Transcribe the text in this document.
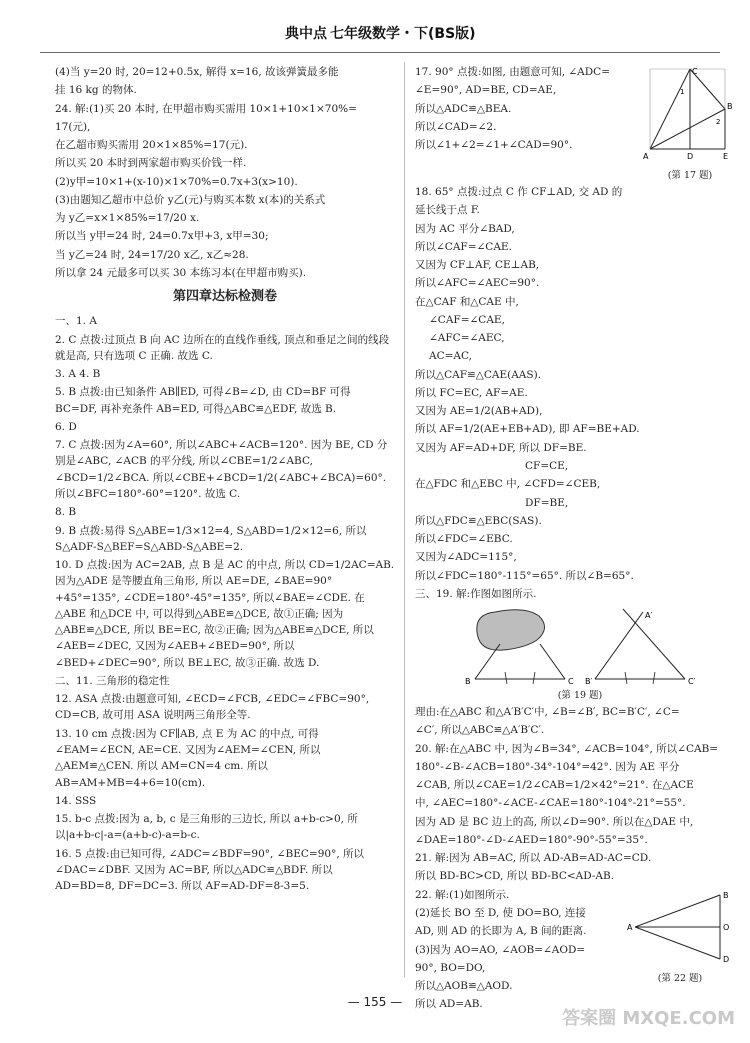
典中点 七年级数学・下(BS版)

(4)当 y=20 时, 20=12+0.5x, 解得 x=16, 故该弹簧最多能

挂 16 kg 的物体.

24. 解:(1)买 20 本时, 在甲超市购买需用 10×1+10×1×70%=

17(元),

在乙超市购买需用 20×1×85%=17(元).

所以买 20 本时到两家超市购买价钱一样.

(2)y甲=10×1+(x-10)×1×70%=0.7x+3(x>10).

(3)由题知乙超市中总价 y乙(元)与购买本数 x(本)的关系式

为 y乙=x×1×85%=17/20 x.

所以当 y甲=24 时, 24=0.7x甲+3, x甲=30;

当 y乙=24 时, 24=17/20 x乙, x乙≈28.

所以拿 24 元最多可以买 30 本练习本(在甲超市购买).

第四章达标检测卷

一、1. A

2. C 点拨:过顶点 B 向 AC 边所在的直线作垂线, 顶点和垂足之间的线段就是高, 只有选项 C 正确. 故选 C.

3. A 4. B

5. B 点拨:由已知条件 AB∥ED, 可得∠B=∠D, 由 CD=BF 可得 BC=DF, 再补充条件 AB=ED, 可得△ABC≌△EDF, 故选 B.

6. D

7. C 点拨:因为∠A=60°, 所以∠ABC+∠ACB=120°. 因为 BE, CD 分别是∠ABC, ∠ACB 的平分线, 所以∠CBE=1/2∠ABC, ∠BCD=1/2∠BCA. 所以∠CBE+∠BCD=1/2(∠ABC+∠BCA)=60°. 所以∠BFC=180°-60°=120°. 故选 C.

8. B

9. B 点拨:易得 S△ABE=1/3×12=4, S△ABD=1/2×12=6, 所以 S△ADF-S△BEF=S△ABD-S△ABE=2.

10. D 点拨:因为 AC=2AB, 点 B 是 AC 的中点, 所以 CD=1/2AC=AB. 因为△ADE 是等腰直角三角形, 所以 AE=DE, ∠BAE=90°+45°=135°, ∠CDE=180°-45°=135°, 所以∠BAE=∠CDE. 在△ABE 和△DCE 中, 可以得到△ABE≌△DCE, 故①正确; 因为△ABE≌△DCE, 所以 BE=EC, 故②正确; 因为△ABE≌△DCE, 所以∠AEB=∠DEC, 又因为∠AEB+∠BED=90°, 所以∠BED+∠DEC=90°, 所以 BE⊥EC, 故③正确. 故选 D.

二、11. 三角形的稳定性

12. ASA 点拨:由题意可知, ∠ECD=∠FCB, ∠EDC=∠FBC=90°, CD=CB, 故可用 ASA 说明两三角形全等.

13. 10 cm 点拨:因为 CF∥AB, 点 E 为 AC 的中点, 可得∠EAM=∠ECN, AE=CE. 又因为∠AEM=∠CEN, 所以△AEM≌△CEN. 所以 AM=CN=4 cm. 所以 AB=AM+MB=4+6=10(cm).

14. SSS

15. b-c 点拨:因为 a, b, c 是三角形的三边长, 所以 a+b-c>0, 所以|a+b-c|-a=(a+b-c)-a=b-c.

16. 5 点拨:由已知可得, ∠ADC=∠BDF=90°, ∠BEC=90°, 所以∠DAC=∠DBF. 又因为 AC=BF, 所以△ADC≌△BDF. 所以 AD=BD=8, DF=DC=3. 所以 AF=AD-DF=8-3=5.

17. 90° 点拨:如图, 由题意可知, ∠ADC=

∠E=90°, AD=BE, CD=AE,

所以△ADC≌△BEA.

所以∠CAD=∠2.

所以∠1+∠2=∠1+∠CAD=90°.

C
B
A	D	E
1
2
(第 17 题)

18. 65° 点拨:过点 C 作 CF⊥AD, 交 AD 的

延长线于点 F.

因为 AC 平分∠BAD,

所以∠CAF=∠CAE.

又因为 CF⊥AF, CE⊥AB,

所以∠AFC=∠AEC=90°.

在△CAF 和△CAE 中,

∠CAF=∠CAE,

∠AFC=∠AEC,

AC=AC,

所以△CAF≌△CAE(AAS).

所以 FC=EC, AF=AE.

又因为 AE=1/2(AB+AD),

所以 AF=1/2(AE+EB+AD), 即 AF=BE+AD.

又因为 AF=AD+DF, 所以 DF=BE.

CF=CE,

在△FDC 和△EBC 中, ∠CFD=∠CEB,

DF=BE,

所以△FDC≌△EBC(SAS).

所以∠FDC=∠EBC.

又因为∠ADC=115°,

所以∠FDC=180°-115°=65°. 所以∠B=65°.

三、19. 解:作图如图所示.

B	C B′	C′
A′
(第 19 题)

理由:在△ABC 和△A′B′C′中, ∠B=∠B′, BC=B′C′, ∠C=

∠C′, 所以△ABC≌△A′B′C′.

20. 解:在△ABC 中, 因为∠B=34°, ∠ACB=104°, 所以∠CAB=

180°-∠B-∠ACB=180°-34°-104°=42°. 因为 AE 平分

∠CAB, 所以∠CAE=1/2∠CAB=1/2×42°=21°. 在△ACE

中, ∠AEC=180°-∠ACE-∠CAE=180°-104°-21°=55°.

因为 AD 是 BC 边上的高, 所以∠D=90°. 所以在△DAE 中,

∠DAE=180°-∠D-∠AED=180°-90°-55°=35°.

21. 解:因为 AB=AC, 所以 AD-AB=AD-AC=CD.

所以 BD-BC>CD, 所以 BD-BC<AD-AB.

22. 解:(1)如图所示.

(2)延长 BO 至 D, 使 DO=BO, 连接

AD, 则 AD 的长即为 A, B 间的距离.

(3)因为 AO=AO, ∠AOB=∠AOD=

90°, BO=DO,

所以△AOB≌△AOD.

所以 AD=AB.

A
B
O
D
(第 22 题)
— 155 —
答案圈 MXQE.COM
